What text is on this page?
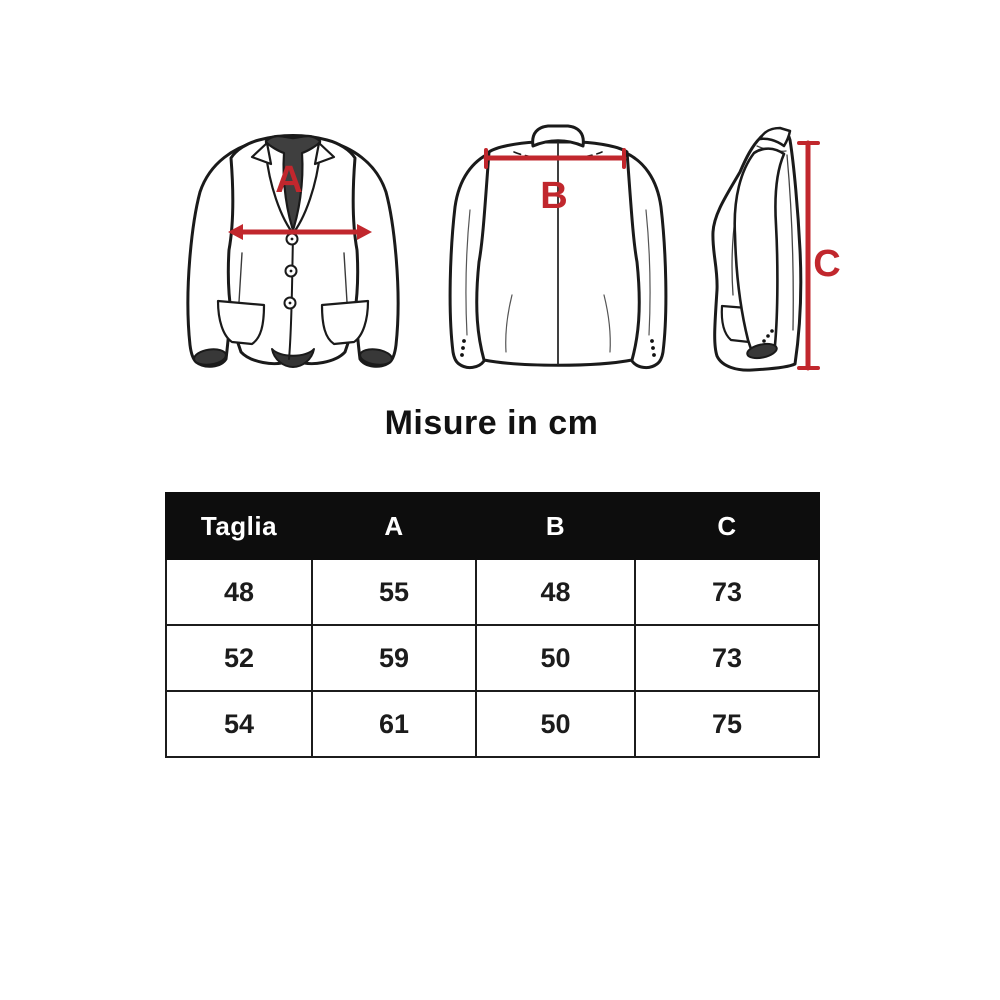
A	B
C
Misure in cm
Taglia	A	B	C
48	55	48	73
52	59	50	73
54	61	50	75
